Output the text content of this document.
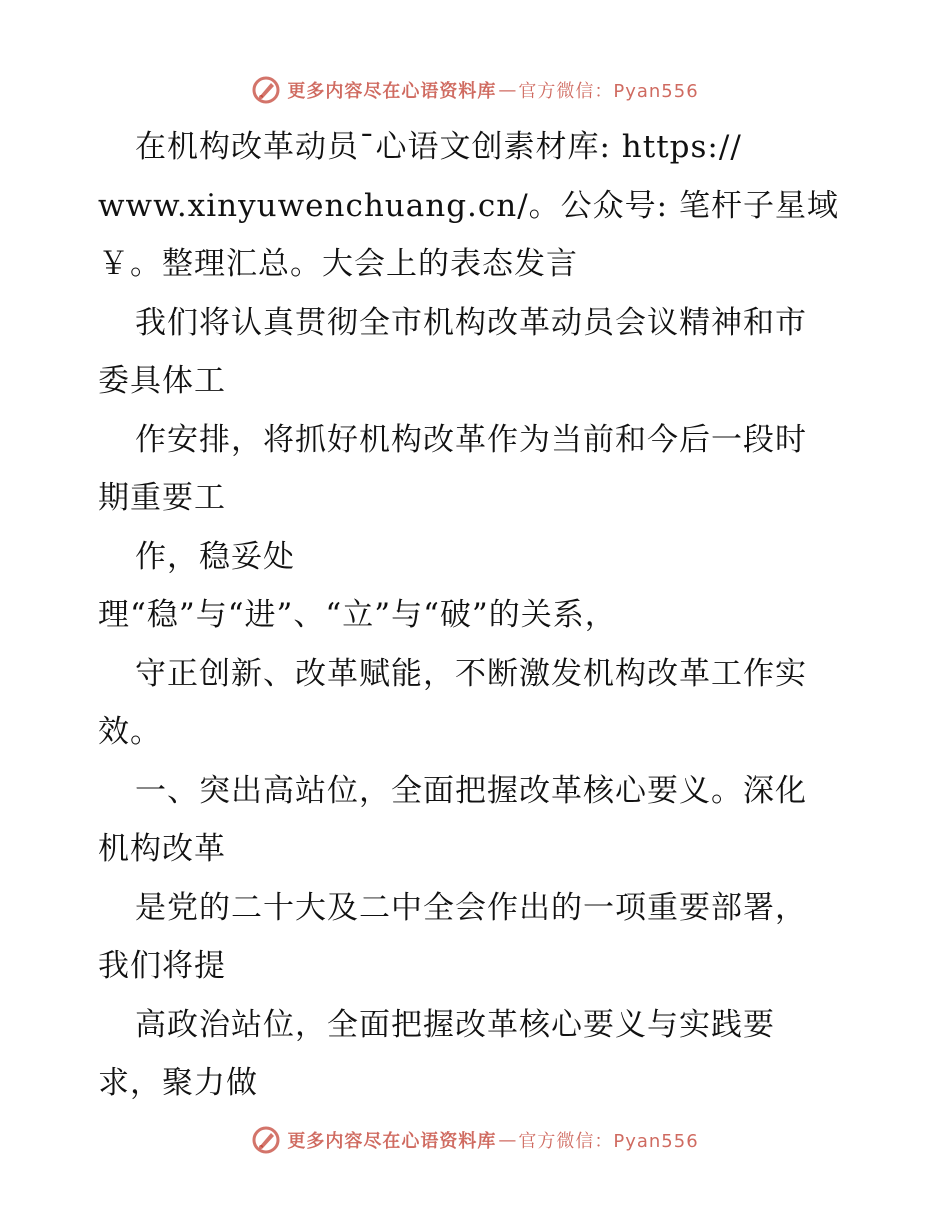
更多内容尽在心语资料库 — 官方微信：Pyan556
在机构改革动员¯心语文创素材库: https://
www.xinyuwenchuang.cn/。公众号: 笔杆子星域
￥。整理汇总。大会上的表态发言
我们将认真贯彻全市机构改革动员会议精神和市
委具体工
作安排，将抓好机构改革作为当前和今后一段时
期重要工
作，稳妥处
理“稳”与“进”、“立”与“破”的关系，
守正创新、改革赋能，不断激发机构改革工作实
效。
一、突出高站位，全面把握改革核心要义。深化
机构改革
是党的二十大及二中全会作出的一项重要部署，
我们将提
高政治站位，全面把握改革核心要义与实践要
求，聚力做
更多内容尽在心语资料库 — 官方微信：Pyan556
